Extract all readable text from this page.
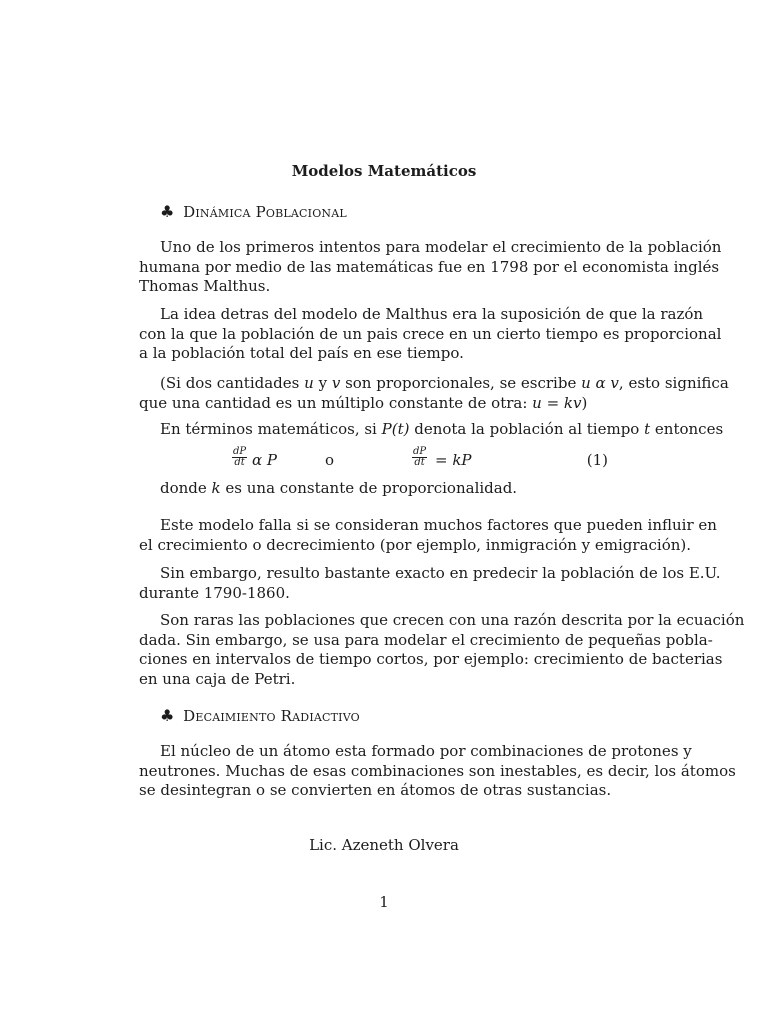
Modelos Matemáticos
♣ Dinámica Poblacional
Uno de los primeros intentos para modelar el crecimiento de la población
humana por medio de las matemáticas fue en 1798 por el economista inglés
Thomas Malthus.
La idea detras del modelo de Malthus era la suposición de que la razón
con la que la población de un pais crece en un cierto tiempo es proporcional
a la población total del país en ese tiempo.
(Si dos cantidades u y v son proporcionales, se escribe u α v, esto significa
que una cantidad es un múltiplo constante de otra: u = kv)
En términos matemáticos, si P(t) denota la población al tiempo t entonces
$\frac{dP}{dt}$ α P	o	$\frac{dP}{dt}$ = kP	(1)
donde k es una constante de proporcionalidad.
Este modelo falla si se consideran muchos factores que pueden influir en
el crecimiento o decrecimiento (por ejemplo, inmigración y emigración).
Sin embargo, resulto bastante exacto en predecir la población de los E.U.
durante 1790-1860.
Son raras las poblaciones que crecen con una razón descrita por la ecuación
dada. Sin embargo, se usa para modelar el crecimiento de pequeñas pobla-
ciones en intervalos de tiempo cortos, por ejemplo: crecimiento de bacterias
en una caja de Petri.
♣ Decaimiento Radiactivo
El núcleo de un átomo esta formado por combinaciones de protones y
neutrones. Muchas de esas combinaciones son inestables, es decir, los átomos
se desintegran o se convierten en átomos de otras sustancias.
Lic. Azeneth Olvera
1
